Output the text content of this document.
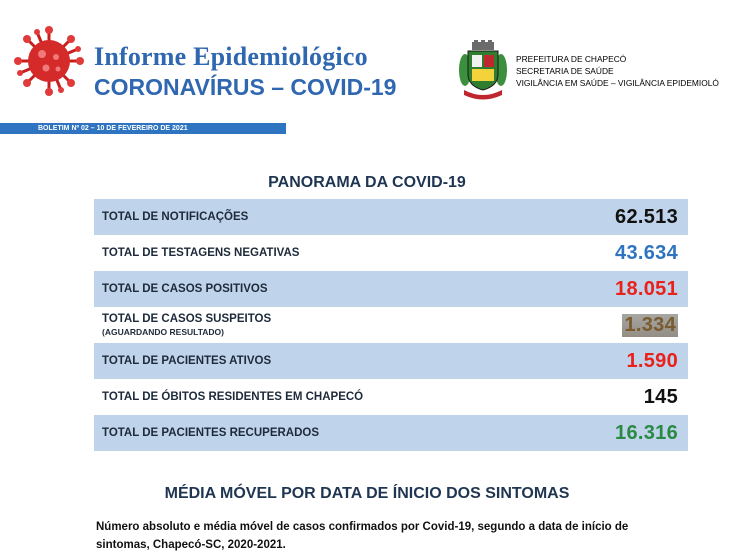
Informe Epidemiológico
CORONAVÍRUS – COVID-19
PREFEITURA DE CHAPECÓ
SECRETARIA DE SAÚDE
VIGILÂNCIA EM SAÚDE – VIGILÂNCIA EPIDEMIOLÓ
BOLETIM Nº 02 – 10 DE FEVEREIRO DE 2021
PANORAMA DA COVID-19
TOTAL DE NOTIFICAÇÕES	62.513
TOTAL DE TESTAGENS NEGATIVAS	43.634
TOTAL DE CASOS POSITIVOS	18.051
TOTAL DE CASOS SUSPEITOS
(AGUARDANDO RESULTADO)	1.334
TOTAL DE PACIENTES ATIVOS	1.590
TOTAL DE ÓBITOS RESIDENTES EM CHAPECÓ	145
TOTAL DE PACIENTES RECUPERADOS	16.316
MÉDIA MÓVEL POR DATA DE ÍNICIO DOS SINTOMAS

Número absoluto e média móvel de casos confirmados por Covid-19, segundo a data de início de sintomas, Chapecó-SC, 2020-2021.
